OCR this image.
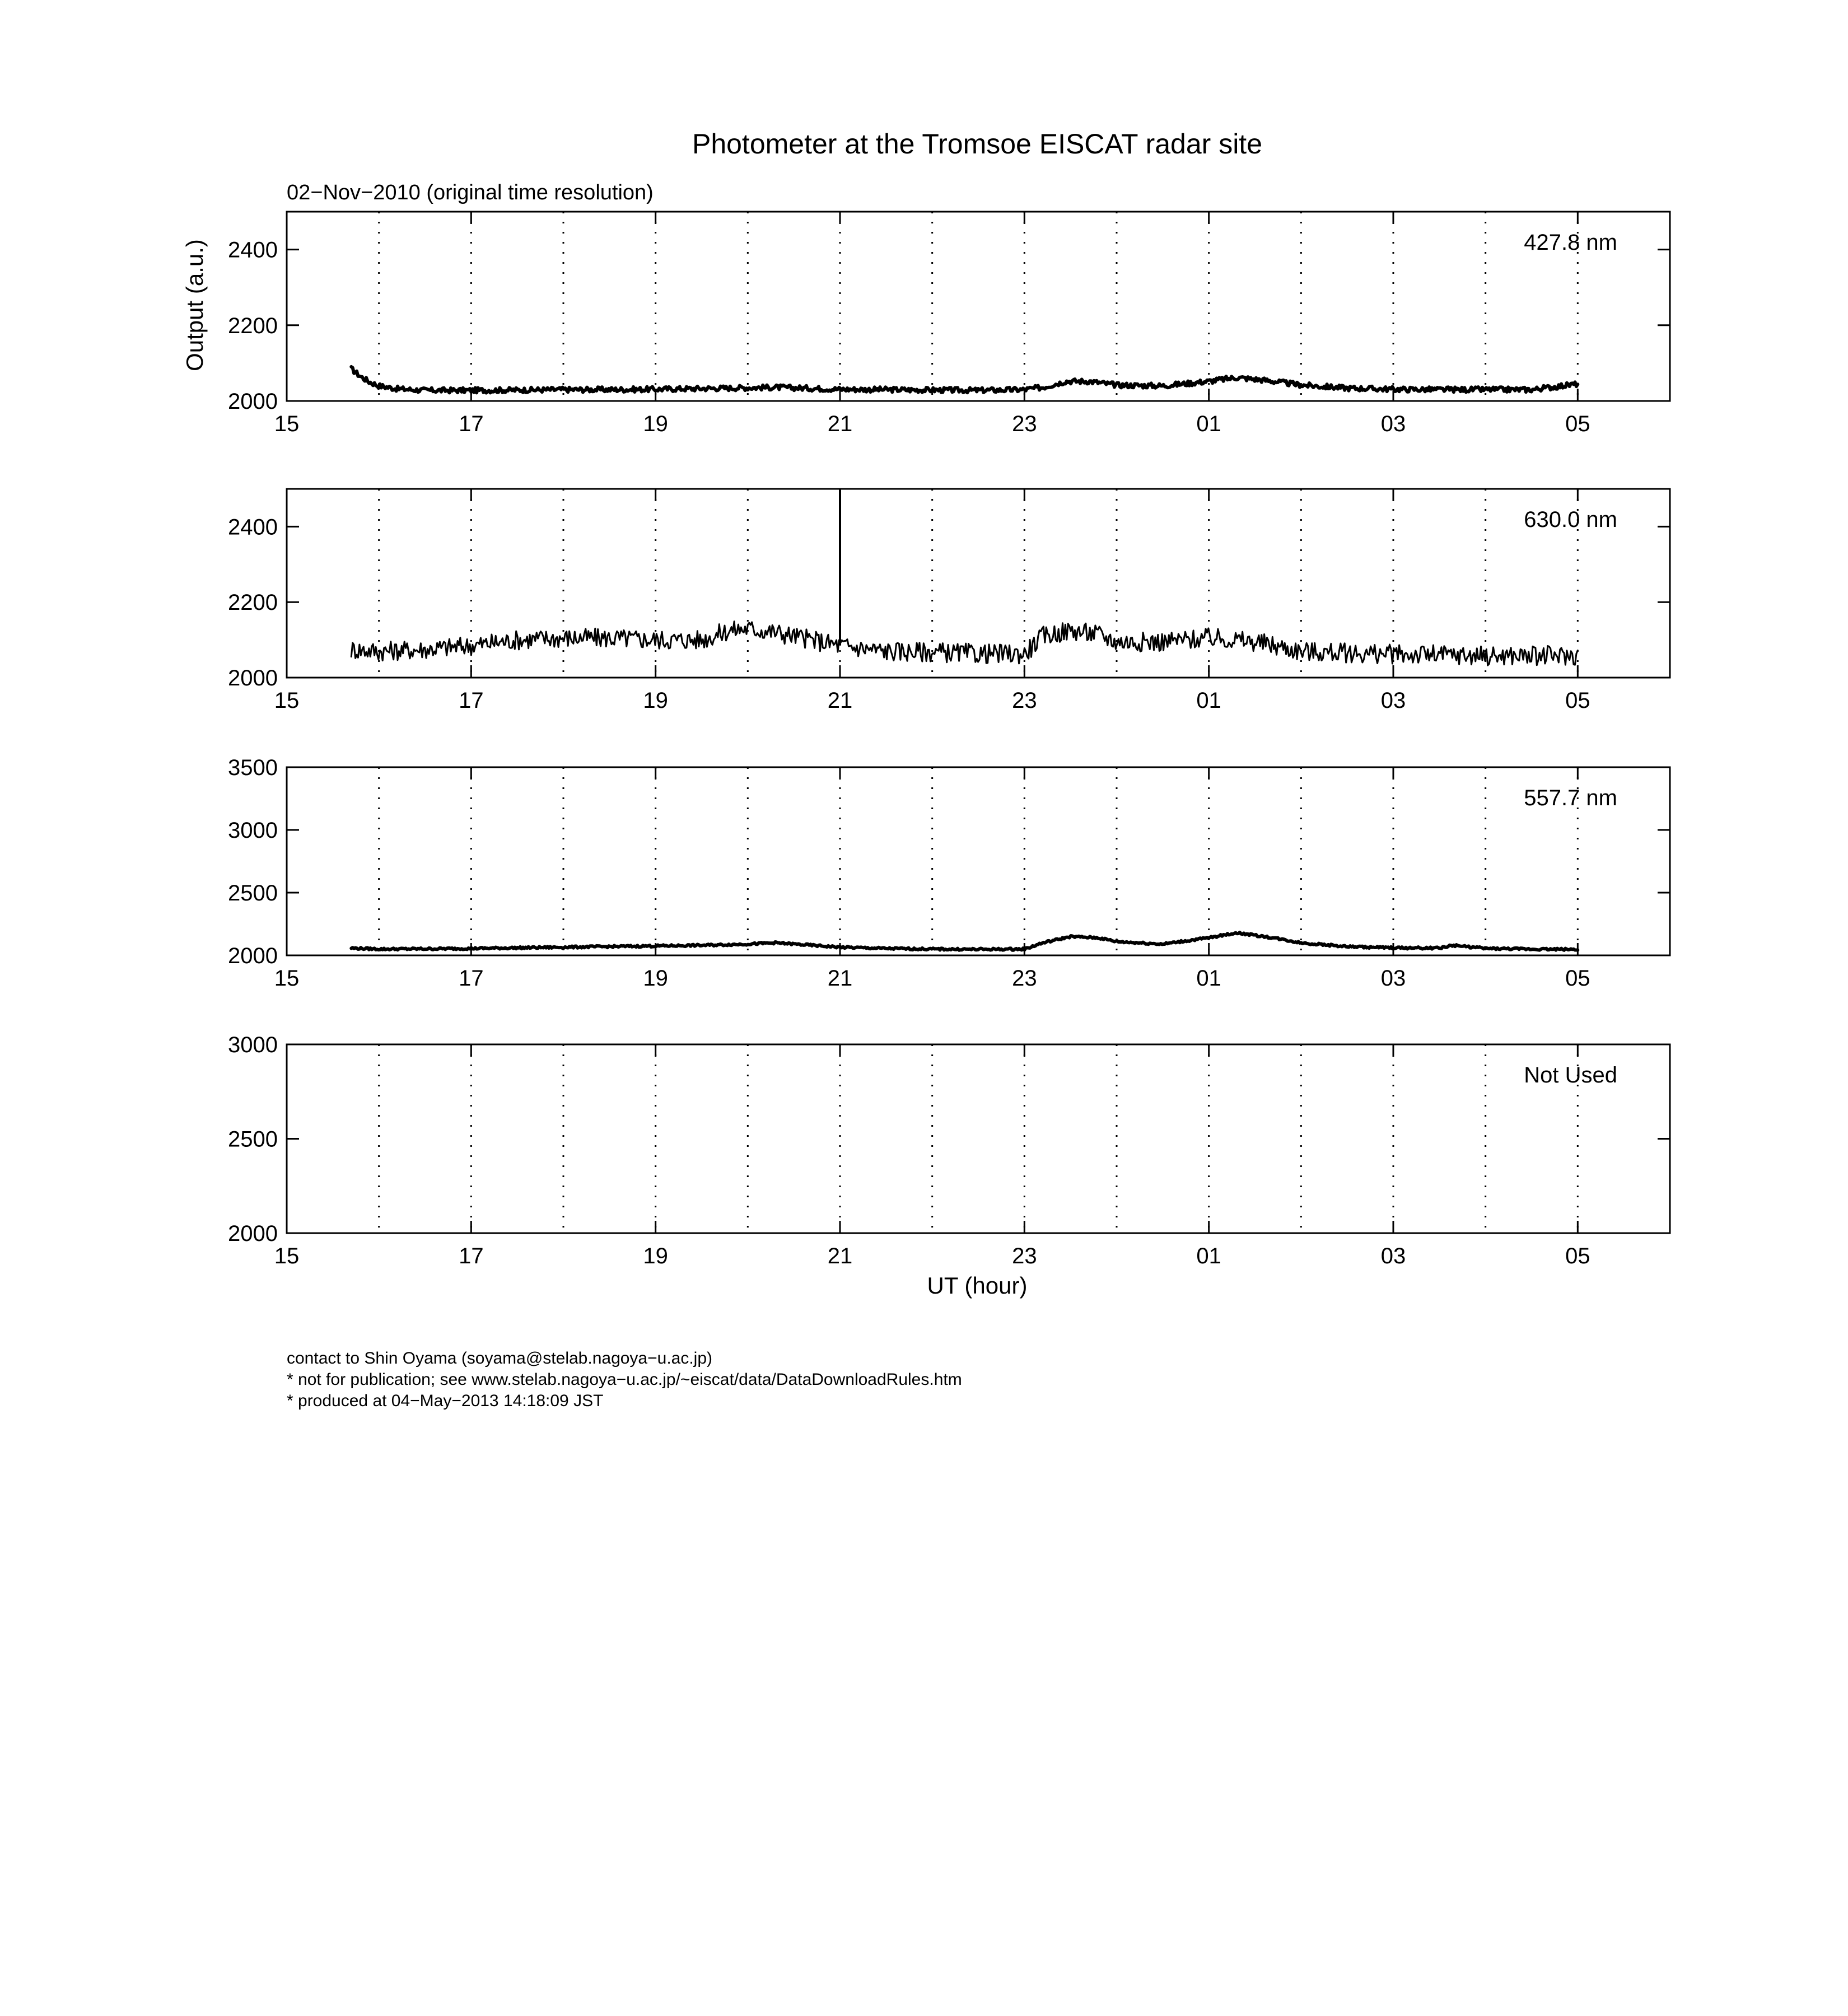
Photometer at the Tromsoe EISCAT radar site
02−Nov−2010 (original time resolution)
Output (a.u.)
UT (hour)
2000
2200
2400
15	17	19	21	23	01	03	05
427.8 nm
2000
2200
2400
15	17	19	21	23	01	03	05
630.0 nm
2000
2500
3000
3500
15	17	19	21	23	01	03	05
557.7 nm
2000
2500
3000
15	17	19	21	23	01	03	05
Not Used
contact to Shin Oyama (soyama@stelab.nagoya−u.ac.jp)
* not for publication; see www.stelab.nagoya−u.ac.jp/~eiscat/data/DataDownloadRules.htm
* produced at 04−May−2013 14:18:09 JST
